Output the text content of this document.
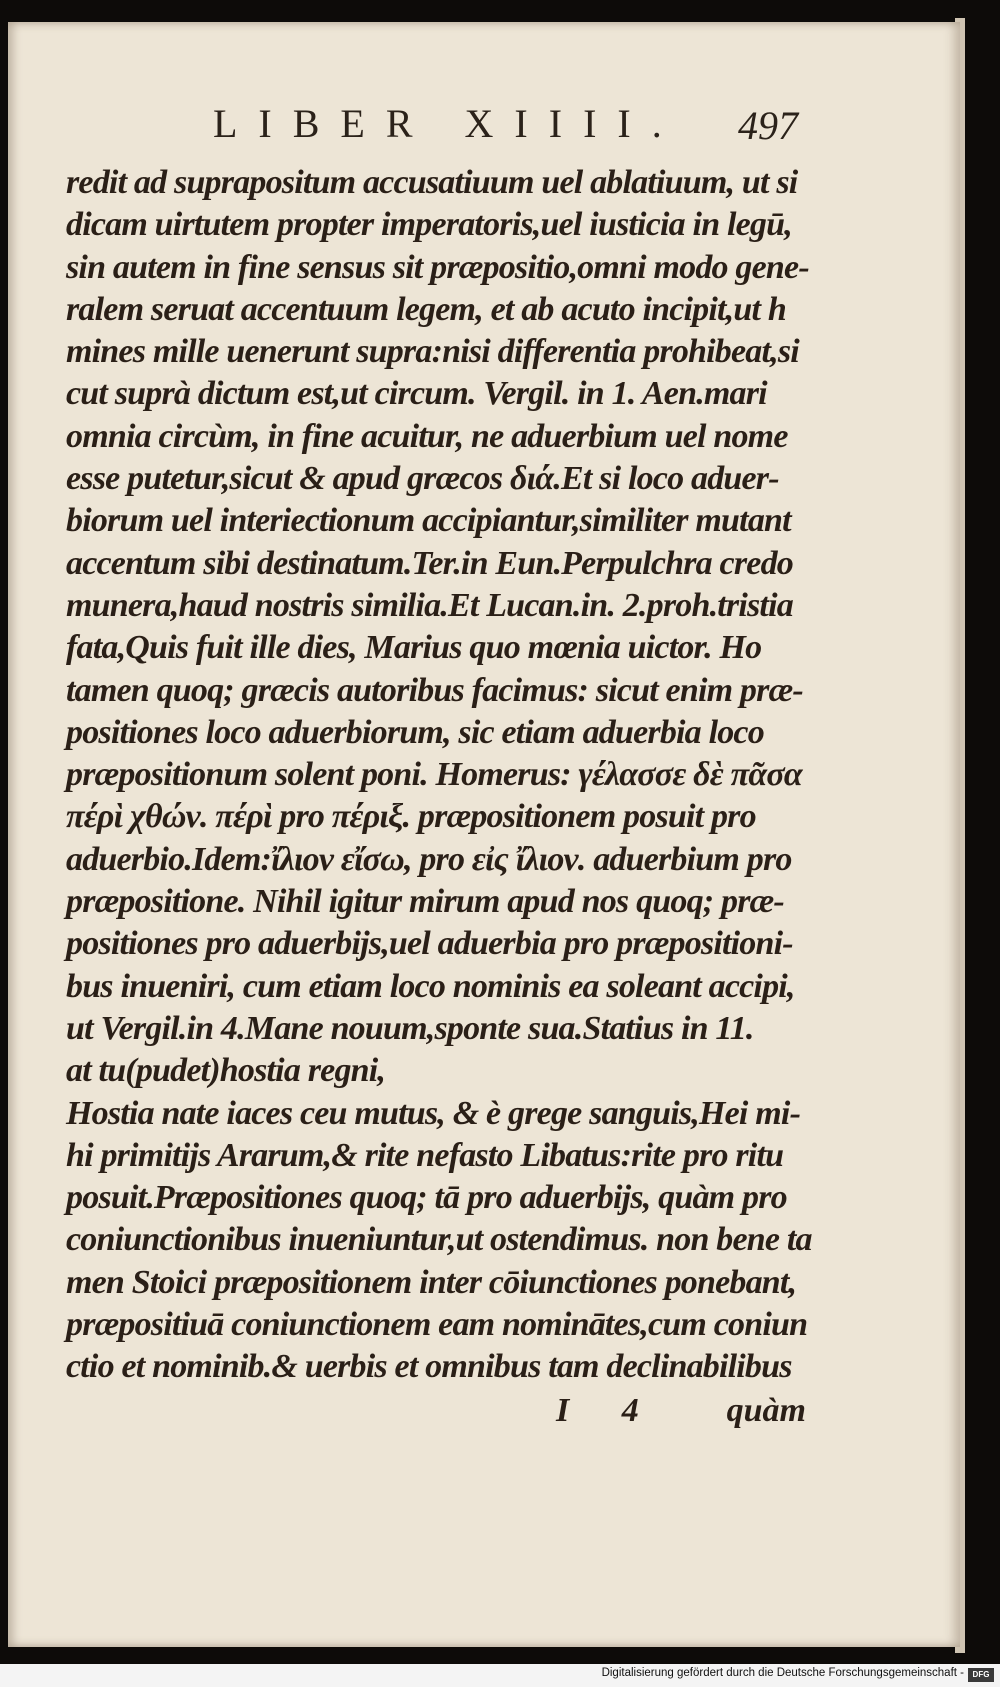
LIBER XIIII. 497
redit ad suprapositum accusatiuum uel ablatiuum, ut si
dicam uirtutem propter imperatoris,uel iusticia in legū,
sin autem in fine sensus sit præpositio,omni modo gene-
ralem seruat accentuum legem, et ab acuto incipit,ut h
mines mille uenerunt supra:nisi differentia prohibeat,si
cut suprà dictum est,ut circum. Vergil. in 1. Aen.mari
omnia circùm, in fine acuitur, ne aduerbium uel nome
esse putetur,sicut & apud græcos διά.Et si loco aduer-
biorum uel interiectionum accipiantur,similiter mutant
accentum sibi destinatum.Ter.in Eun.Perpulchra credo
munera,haud nostris similia.Et Lucan.in. 2.proh.tristia
fata,Quis fuit ille dies, Marius quo mœnia uictor. Ho
tamen quoq; græcis autoribus facimus: sicut enim præ-
positiones loco aduerbiorum, sic etiam aduerbia loco
præpositionum solent poni. Homerus: γέλασσε δὲ πᾶσα
πέρὶ χθών. πέρὶ pro πέριξ. præpositionem posuit pro
aduerbio.Idem:ἴλιον εἴσω, pro εἰς ἴλιον. aduerbium pro
præpositione. Nihil igitur mirum apud nos quoq; præ-
positiones pro aduerbijs,uel aduerbia pro præpositioni-
bus inueniri, cum etiam loco nominis ea soleant accipi,
ut Vergil.in 4.Mane nouum,sponte sua.Statius in 11.
at tu(pudet)hostia regni,
Hostia nate iaces ceu mutus, & è grege sanguis,Hei mi-
hi primitijs Ararum,& rite nefasto Libatus:rite pro ritu
posuit.Præpositiones quoq; tā pro aduerbijs, quàm pro
coniunctionibus inueniuntur,ut ostendimus. non bene ta
men Stoici præpositionem inter cōiunctiones ponebant,
præpositiuā coniunctionem eam nominātes,cum coniun
ctio et nominib.& uerbis et omnibus tam declinabilibus
I 4 quàm
Digitalisierung gefördert durch die Deutsche Forschungsgemeinschaft -	DFG
